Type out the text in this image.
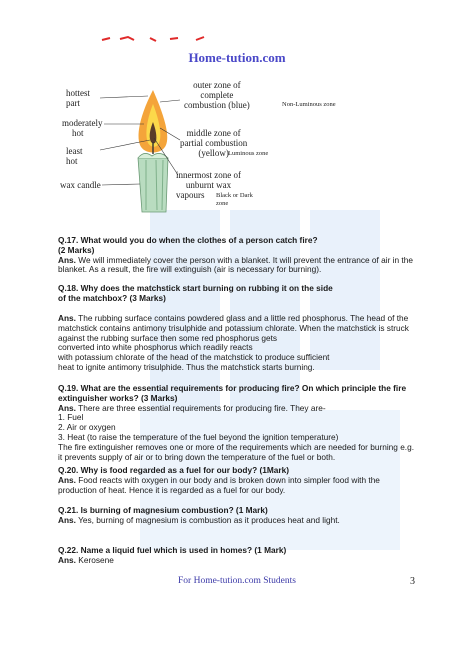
Home-tution.com
hottest
part
moderately
hot
least
hot
wax candle
outer zone of
complete
combustion (blue)	Non-Luminous zone
middle zone of
partial combustion
(yellow) Luminous zone
innermost zone of
unburnt wax
vapours	Black or Dark
zone
Q.17. What would you do when the clothes of a person catch fire?
(2 Marks)
Ans. We will immediately cover the person with a blanket. It will prevent the entrance of air in the blanket. As a result, the fire will extinguish (air is necessary for burning).
Q.18. Why does the matchstick start burning on rubbing it on the side
of the matchbox? (3 Marks)
Ans. The rubbing surface contains powdered glass and a little red phosphorus. The head of the matchstick contains antimony trisulphide and potassium chlorate. When the matchstick is struck against the rubbing surface then some red phosphorus gets
converted into white phosphorus which readily reacts
with potassium chlorate of the head of the matchstick to produce sufficient
heat to ignite antimony trisulphide. Thus the matchstick starts burning.
Q.19. What are the essential requirements for producing fire? On which principle the fire extinguisher works? (3 Marks)
Ans. There are three essential requirements for producing fire. They are-
1. Fuel
2. Air or oxygen
3. Heat (to raise the temperature of the fuel beyond the ignition temperature)
The fire extinguisher removes one or more of the requirements which are needed for burning e.g. it prevents supply of air or to bring down the temperature of the fuel or both.
Q.20. Why is food regarded as a fuel for our body? (1Mark)
Ans. Food reacts with oxygen in our body and is broken down into simpler food with the production of heat. Hence it is regarded as a fuel for our body.
Q.21. Is burning of magnesium combustion? (1 Mark)
Ans. Yes, burning of magnesium is combustion as it produces heat and light.
Q.22. Name a liquid fuel which is used in homes? (1 Mark)
Ans. Kerosene
For Home-tution.com Students	3
